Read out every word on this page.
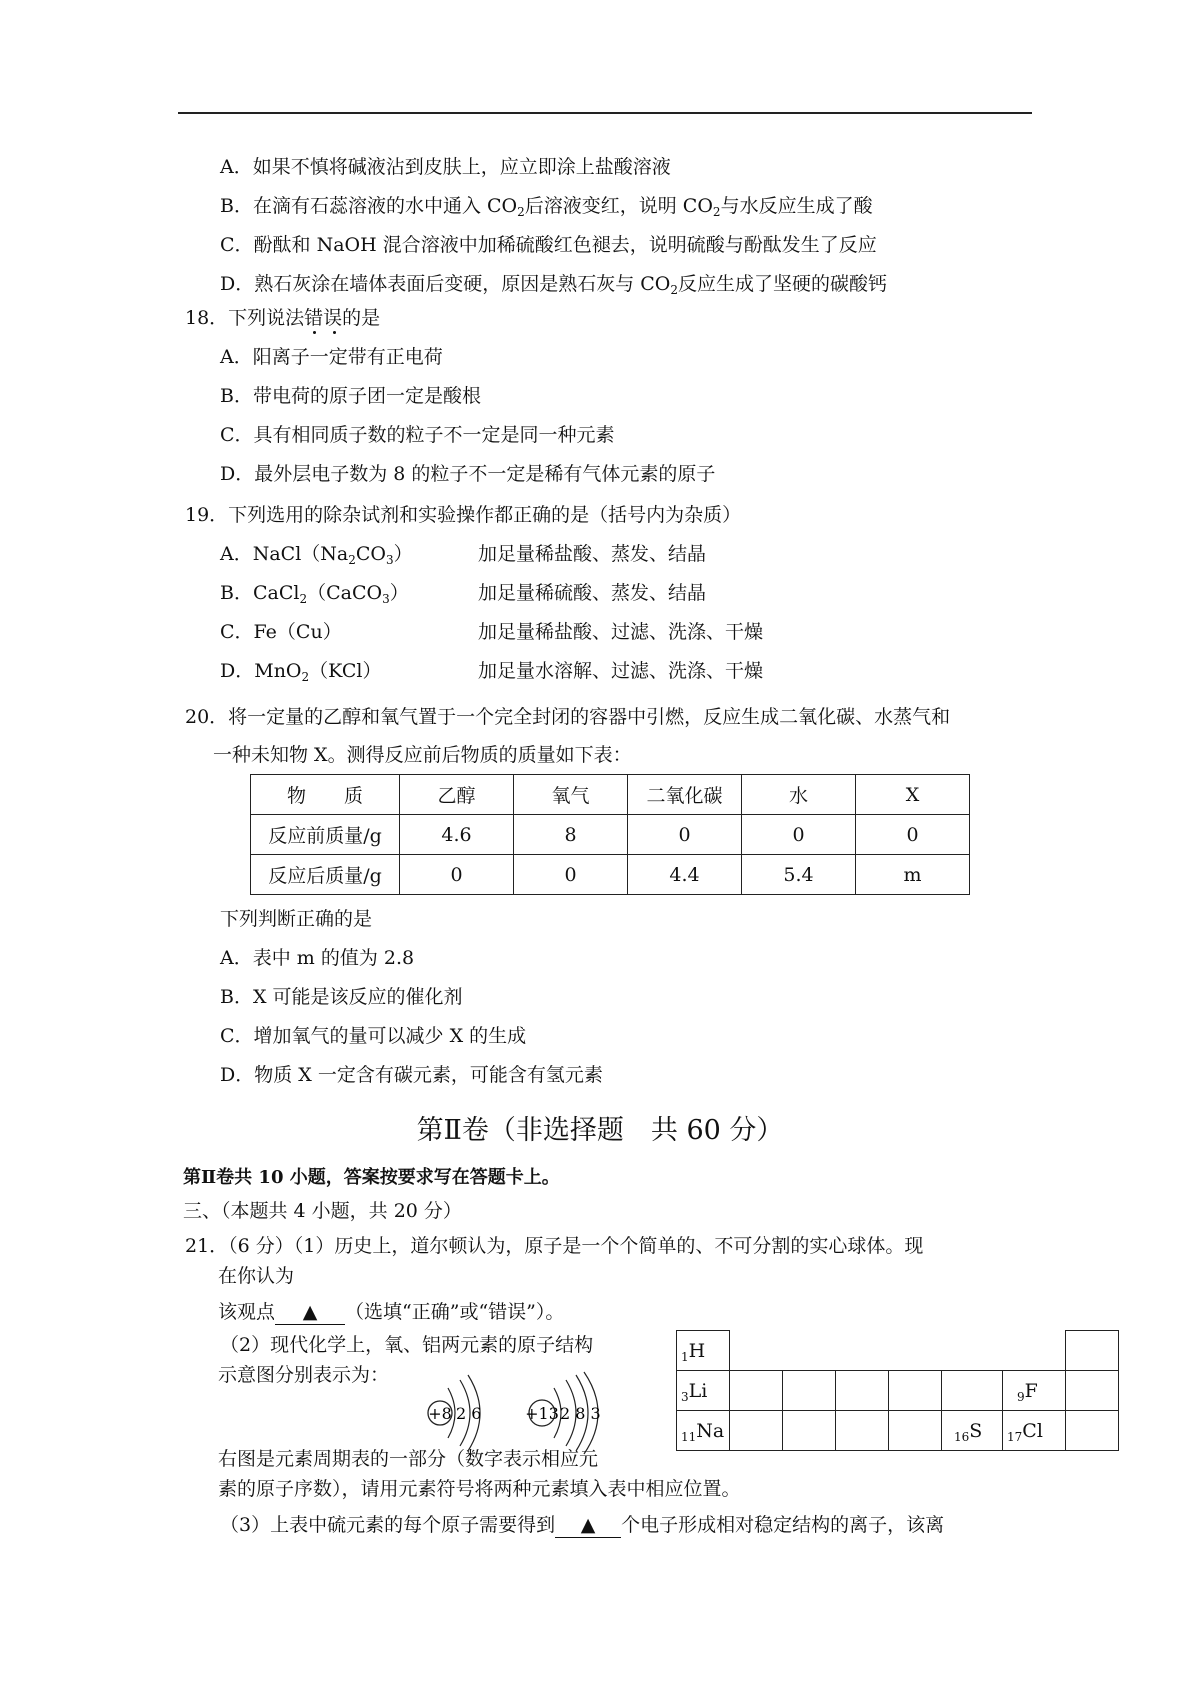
A．如果不慎将碱液沾到皮肤上，应立即涂上盐酸溶液
B．在滴有石蕊溶液的水中通入 $CO_2$后溶液变红，说明 $CO_2$与水反应生成了酸
C．酚酞和 NaOH 混合溶液中加稀硫酸红色褪去，说明硫酸与酚酞发生了反应
D．熟石灰涂在墙体表面后变硬，原因是熟石灰与 $CO_2$反应生成了坚硬的碳酸钙
18．下列说法错误的是
A．阳离子一定带有正电荷
B．带电荷的原子团一定是酸根
C．具有相同质子数的粒子不一定是同一种元素
D．最外层电子数为 8 的粒子不一定是稀有气体元素的原子
19．下列选用的除杂试剂和实验操作都正确的是（括号内为杂质）
A．$NaCl(Na_2CO_3)$	加足量稀盐酸、蒸发、结晶
B．CaCl$_2$（CaCO$_3$）	加足量稀硫酸、蒸发、结晶
C．Fe（Cu）	加足量稀盐酸、过滤、洗涤、干燥
D．MnO$_2$（KCl）	加足量水溶解、过滤、洗涤、干燥
20．将一定量的乙醇和氧气置于一个完全封闭的容器中引燃，反应生成二氧化碳、水蒸气和
一种未知物 X。测得反应前后物质的质量如下表：
物　　质	乙醇	氧气	二氧化碳	水	X
反应前质量/g	4.6	8	0	0	0
反应后质量/g	0	0	4.4	5.4	m
下列判断正确的是
A．表中 m 的值为 2.8
B．X 可能是该反应的催化剂
C．增加氧气的量可以减少 X 的生成
D．物质 X 一定含有碳元素，可能含有氢元素
第Ⅱ卷（非选择题　共 60 分）
第Ⅱ卷共 10 小题，答案按要求写在答题卡上。
三、（本题共 4 小题，共 20 分）
21．（6 分）（1）历史上，道尔顿认为，原子是一个个简单的、不可分割的实心球体。现
在你认为
该观点 ▲ （选填“正确”或“错误”）。
（2）现代化学上，氧、铝两元素的原子结构
示意图分别表示为：
+8 2 6	+13 2 8 3
$_1$H							
$_3$Li						$_9$F	
$_{11}$Na					$_{16}$S	$_{17}$Cl	
右图是元素周期表的一部分（数字表示相应元
素的原子序数），请用元素符号将两种元素填入表中相应位置。
（3）上表中硫元素的每个原子需要得到 ▲ 个电子形成相对稳定结构的离子，该离
